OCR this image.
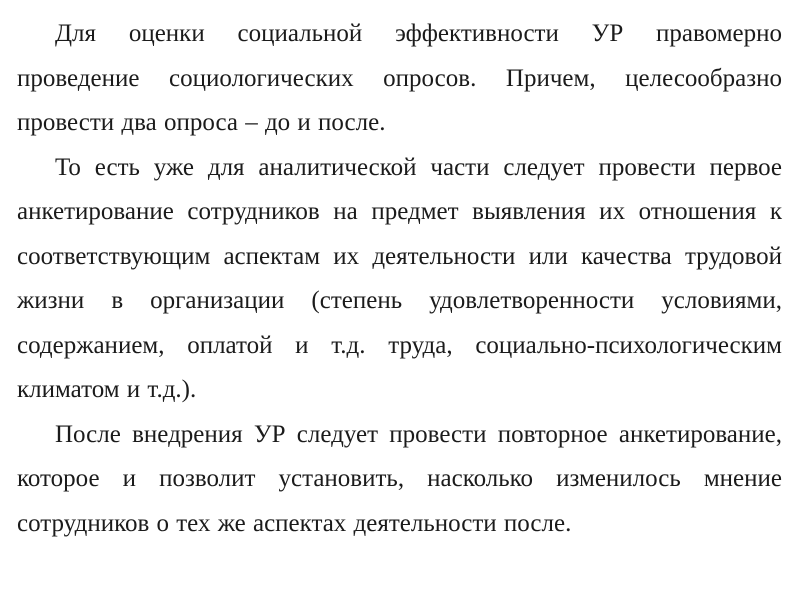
Для оценки социальной эффективности УР правомерно проведение социологических опросов. Причем, целесообразно провести два опроса – до и после.

То есть уже для аналитической части следует провести первое анкетирование сотрудников на предмет выявления их отношения к соответствующим аспектам их деятельности или качества трудовой жизни в организации (степень удовлетворенности условиями, содержанием, оплатой и т.д. труда, социально-психологическим климатом и т.д.).

После внедрения УР следует провести повторное анкетирование, которое и позволит установить, насколько изменилось мнение сотрудников о тех же аспектах деятельности после.
